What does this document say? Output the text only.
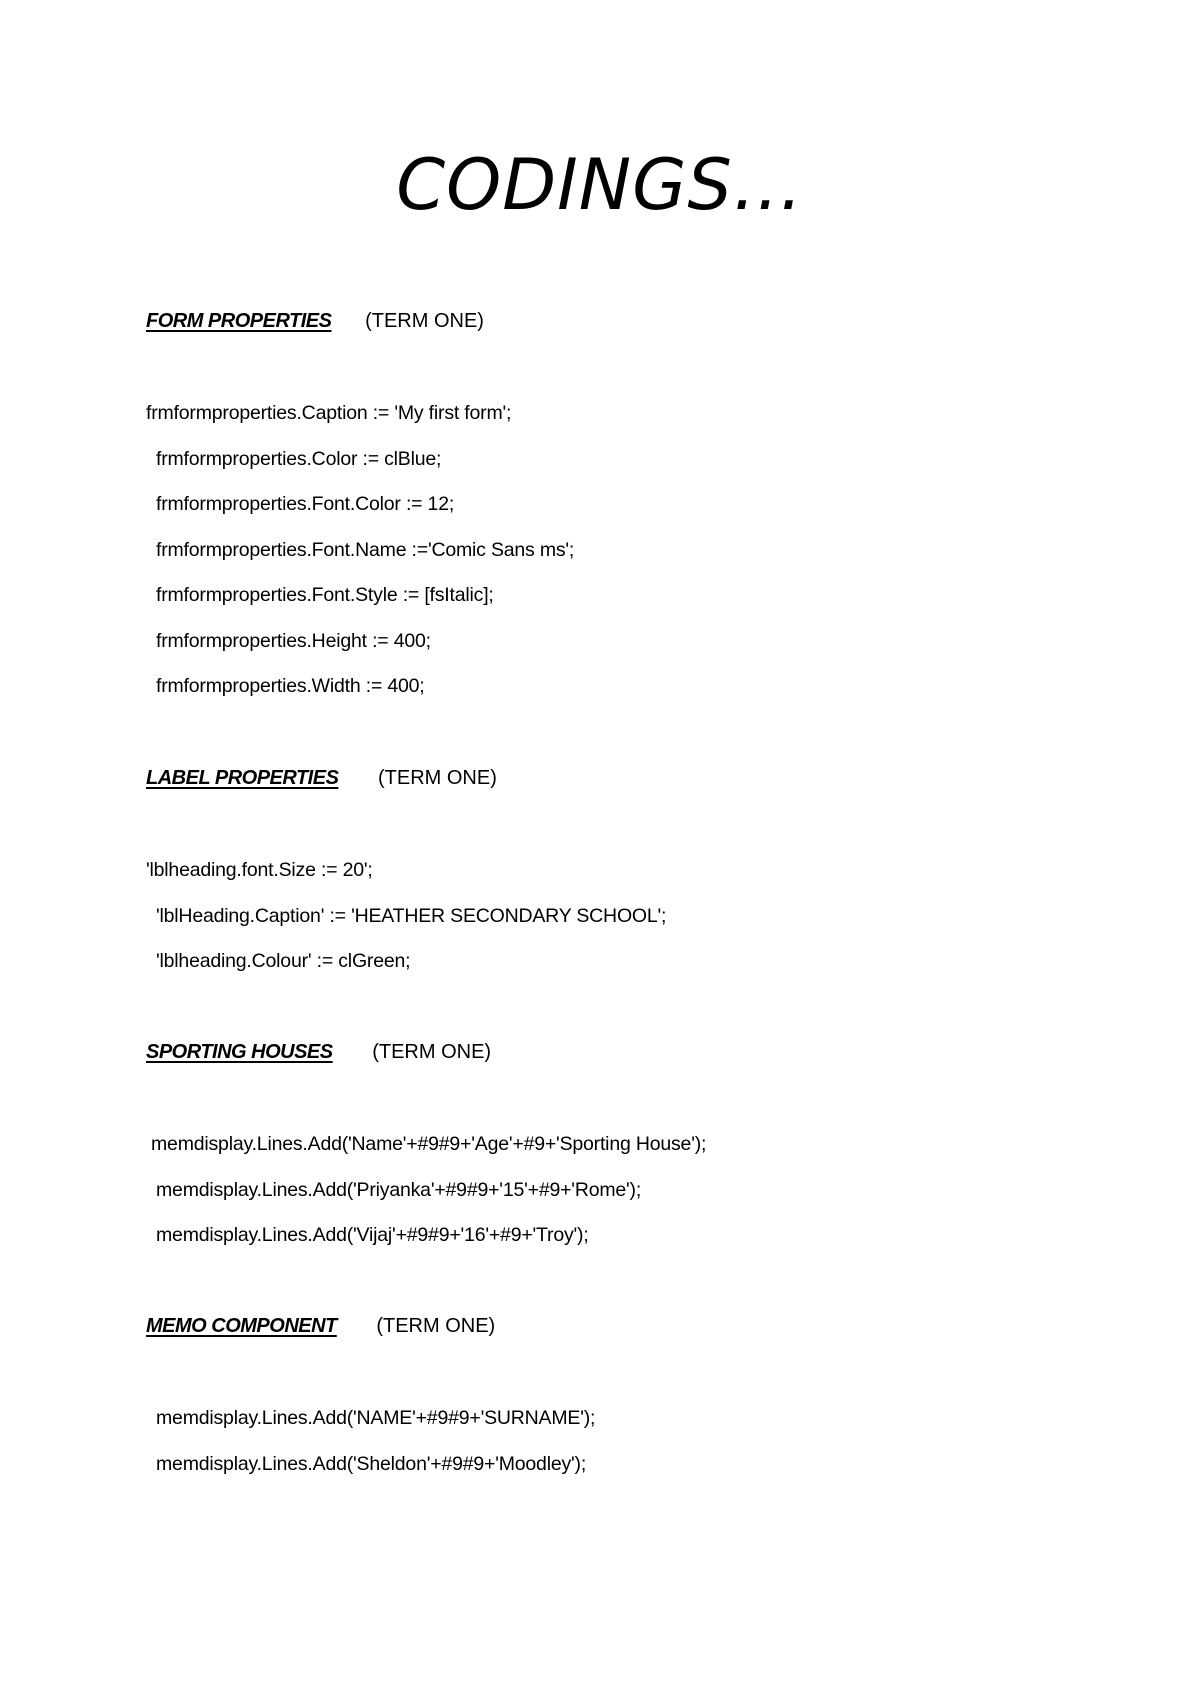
CODINGS…
FORM PROPERTIES (TERM ONE)
frmformproperties.Caption := 'My first form';
frmformproperties.Color := clBlue;
frmformproperties.Font.Color := 12;
frmformproperties.Font.Name :='Comic Sans ms';
frmformproperties.Font.Style := [fsItalic];
frmformproperties.Height := 400;
frmformproperties.Width := 400;
LABEL PROPERTIES (TERM ONE)
'lblheading.font.Size := 20';
'lblHeading.Caption' := 'HEATHER SECONDARY SCHOOL';
'lblheading.Colour' := clGreen;
SPORTING HOUSES (TERM ONE)
memdisplay.Lines.Add('Name'+#9#9+'Age'+#9+'Sporting House');
memdisplay.Lines.Add('Priyanka'+#9#9+'15'+#9+'Rome');
memdisplay.Lines.Add('Vijaj'+#9#9+'16'+#9+'Troy');
MEMO COMPONENT (TERM ONE)
memdisplay.Lines.Add('NAME'+#9#9+'SURNAME');
memdisplay.Lines.Add('Sheldon'+#9#9+'Moodley');
